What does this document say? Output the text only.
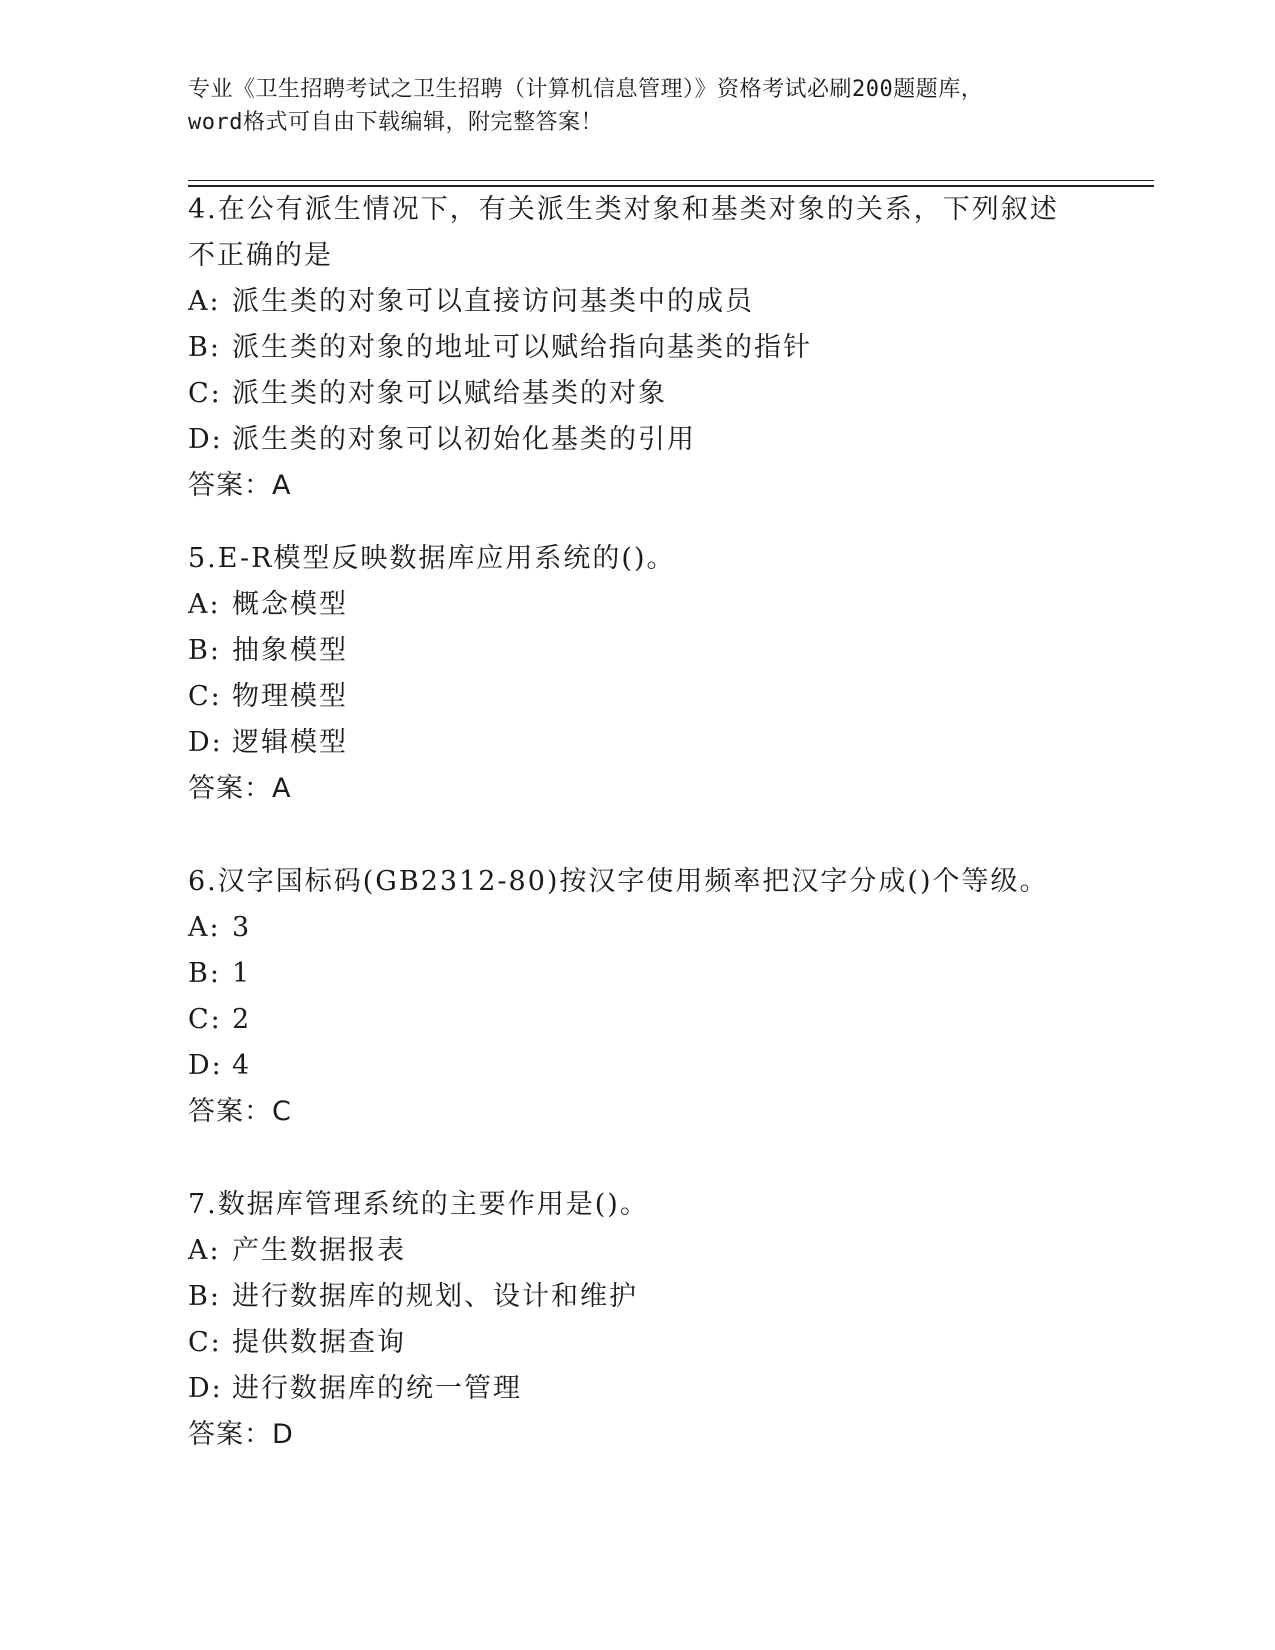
专业《卫生招聘考试之卫生招聘（计算机信息管理）》资格考试必刷200题题库，
word格式可自由下载编辑，附完整答案！
4.在公有派生情况下，有关派生类对象和基类对象的关系，下列叙述
不正确的是
A: 派生类的对象可以直接访问基类中的成员
B: 派生类的对象的地址可以赋给指向基类的指针
C: 派生类的对象可以赋给基类的对象
D: 派生类的对象可以初始化基类的引用
答案：A
5.E-R模型反映数据库应用系统的()。
A: 概念模型
B: 抽象模型
C: 物理模型
D: 逻辑模型
答案：A
6.汉字国标码(GB2312-80)按汉字使用频率把汉字分成()个等级。
A: 3
B: 1
C: 2
D: 4
答案：C
7.数据库管理系统的主要作用是()。
A: 产生数据报表
B: 进行数据库的规划、设计和维护
C: 提供数据查询
D: 进行数据库的统一管理
答案：D
